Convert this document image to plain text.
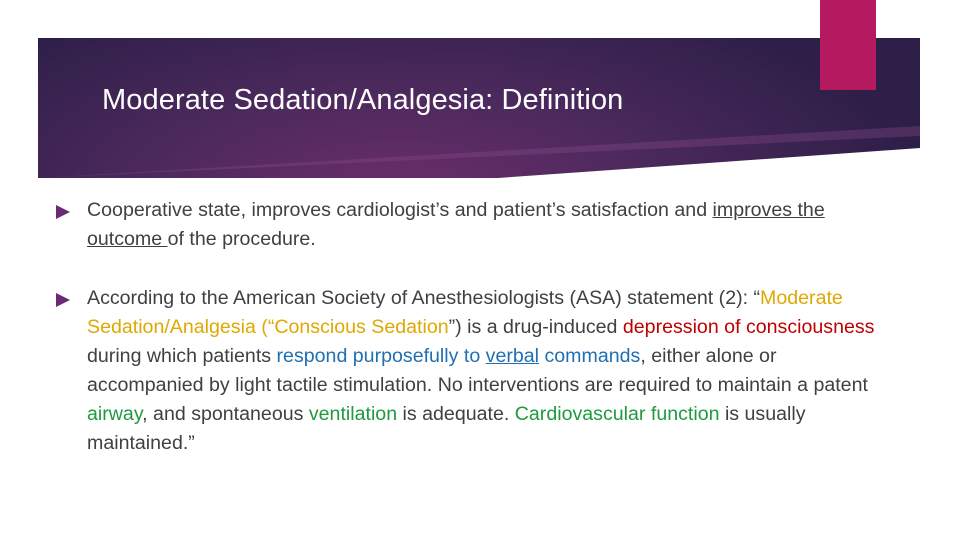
Moderate Sedation/Analgesia: Definition
Cooperative state, improves cardiologist’s and patient’s satisfaction and improves the outcome of the procedure.
According to the American Society of Anesthesiologists (ASA) statement (2): “Moderate Sedation/Analgesia (“Conscious Sedation”) is a drug-induced depression of consciousness during which patients respond purposefully to verbal commands, either alone or accompanied by light tactile stimulation. No interventions are required to maintain a patent airway, and spontaneous ventilation is adequate. Cardiovascular function is usually maintained.”
